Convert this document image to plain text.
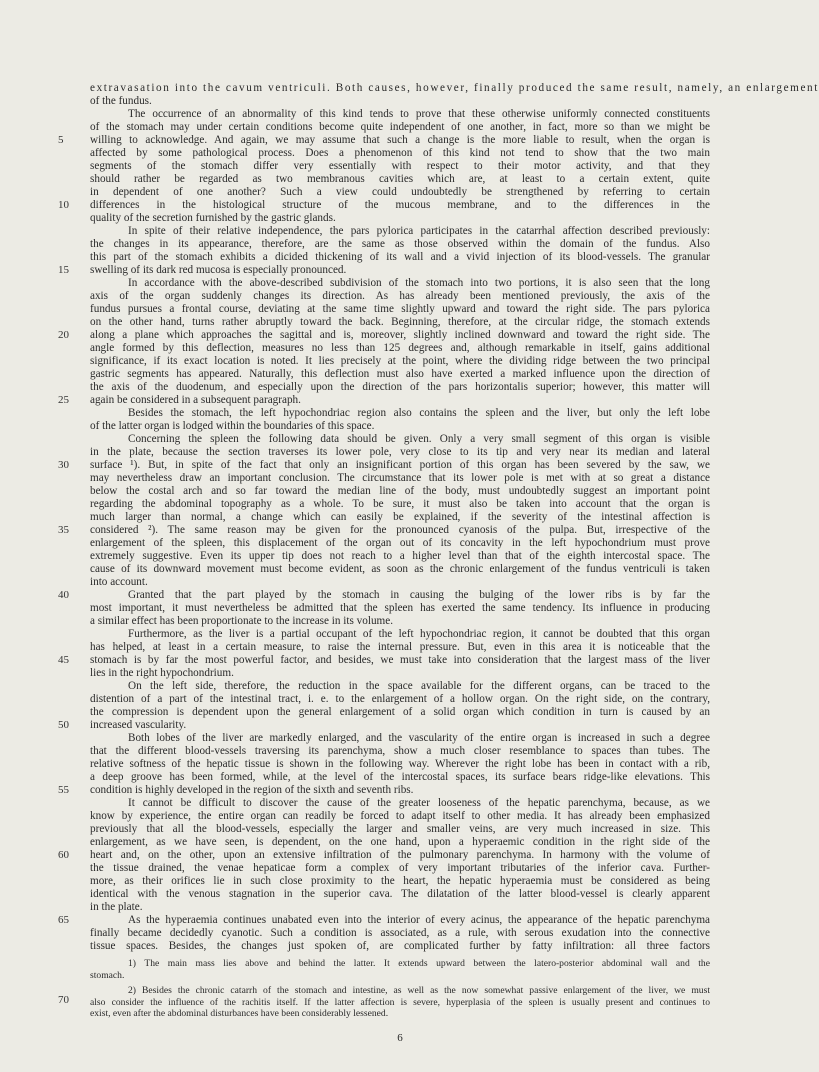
extravasation into the cavum ventriculi. Both causes, however, finally produced the same result, namely, an enlargement
of the fundus.
The occurrence of an abnormality of this kind tends to prove that these otherwise uniformly connected constituents
of the stomach may under certain conditions become quite independent of one another, in fact, more so than we might be
willing to acknowledge. And again, we may assume that such a change is the more liable to result, when the organ is
affected by some pathological process. Does a phenomenon of this kind not tend to show that the two main
segments of the stomach differ very essentially with respect to their motor activity, and that they
should rather be regarded as two membranous cavities which are, at least to a certain extent, quite
in dependent of one another? Such a view could undoubtedly be strengthened by referring to certain
differences in the histological structure of the mucous membrane, and to the differences in the
quality of the secretion furnished by the gastric glands.
In spite of their relative independence, the pars pylorica participates in the catarrhal affection described previously:
the changes in its appearance, therefore, are the same as those observed within the domain of the fundus. Also
this part of the stomach exhibits a dicided thickening of its wall and a vivid injection of its blood-vessels. The granular
swelling of its dark red mucosa is especially pronounced.
In accordance with the above-described subdivision of the stomach into two portions, it is also seen that the long
axis of the organ suddenly changes its direction. As has already been mentioned previously, the axis of the
fundus pursues a frontal course, deviating at the same time slightly upward and toward the right side. The pars pylorica
on the other hand, turns rather abruptly toward the back. Beginning, therefore, at the circular ridge, the stomach extends
along a plane which approaches the sagittal and is, moreover, slightly inclined downward and toward the right side. The
angle formed by this deflection, measures no less than 125 degrees and, although remarkable in itself, gains additional
significance, if its exact location is noted. It lies precisely at the point, where the dividing ridge between the two principal
gastric segments has appeared. Naturally, this deflection must also have exerted a marked influence upon the direction of
the axis of the duodenum, and especially upon the direction of the pars horizontalis superior; however, this matter will
again be considered in a subsequent paragraph.
Besides the stomach, the left hypochondriac region also contains the spleen and the liver, but only the left lobe
of the latter organ is lodged within the boundaries of this space.
Concerning the spleen the following data should be given. Only a very small segment of this organ is visible
in the plate, because the section traverses its lower pole, very close to its tip and very near its median and lateral
surface ¹). But, in spite of the fact that only an insignificant portion of this organ has been severed by the saw, we
may nevertheless draw an important conclusion. The circumstance that its lower pole is met with at so great a distance
below the costal arch and so far toward the median line of the body, must undoubtedly suggest an important point
regarding the abdominal topography as a whole. To be sure, it must also be taken into account that the organ is
much larger than normal, a change which can easily be explained, if the severity of the intestinal affection is
considered ²). The same reason may be given for the pronounced cyanosis of the pulpa. But, irrespective of the
enlargement of the spleen, this displacement of the organ out of its concavity in the left hypochondrium must prove
extremely suggestive. Even its upper tip does not reach to a higher level than that of the eighth intercostal space. The
cause of its downward movement must become evident, as soon as the chronic enlargement of the fundus ventriculi is taken
into account.
Granted that the part played by the stomach in causing the bulging of the lower ribs is by far the
most important, it must nevertheless be admitted that the spleen has exerted the same tendency. Its influence in producing
a similar effect has been proportionate to the increase in its volume.
Furthermore, as the liver is a partial occupant of the left hypochondriac region, it cannot be doubted that this organ
has helped, at least in a certain measure, to raise the internal pressure. But, even in this area it is noticeable that the
stomach is by far the most powerful factor, and besides, we must take into consideration that the largest mass of the liver
lies in the right hypochondrium.
On the left side, therefore, the reduction in the space available for the different organs, can be traced to the
distention of a part of the intestinal tract, i. e. to the enlargement of a hollow organ. On the right side, on the contrary,
the compression is dependent upon the general enlargement of a solid organ which condition in turn is caused by an
increased vascularity.
Both lobes of the liver are markedly enlarged, and the vascularity of the entire organ is increased in such a degree
that the different blood-vessels traversing its parenchyma, show a much closer resemblance to spaces than tubes. The
relative softness of the hepatic tissue is shown in the following way. Wherever the right lobe has been in contact with a rib,
a deep groove has been formed, while, at the level of the intercostal spaces, its surface bears ridge-like elevations. This
condition is highly developed in the region of the sixth and seventh ribs.
It cannot be difficult to discover the cause of the greater looseness of the hepatic parenchyma, because, as we
know by experience, the entire organ can readily be forced to adapt itself to other media. It has already been emphasized
previously that all the blood-vessels, especially the larger and smaller veins, are very much increased in size. This
enlargement, as we have seen, is dependent, on the one hand, upon a hyperaemic condition in the right side of the
heart and, on the other, upon an extensive infiltration of the pulmonary parenchyma. In harmony with the volume of
the tissue drained, the venae hepaticae form a complex of very important tributaries of the inferior cava. Further-
more, as their orifices lie in such close proximity to the heart, the hepatic hyperaemia must be considered as being
identical with the venous stagnation in the superior cava. The dilatation of the latter blood-vessel is clearly apparent
in the plate.
As the hyperaemia continues unabated even into the interior of every acinus, the appearance of the hepatic parenchyma
finally became decidedly cyanotic. Such a condition is associated, as a rule, with serous exudation into the connective
tissue spaces. Besides, the changes just spoken of, are complicated further by fatty infiltration: all three factors
5
10
15
20
25
30
35
40
45
50
55
60
65
70
1) The main mass lies above and behind the latter. It extends upward between the latero-posterior abdominal wall and the
stomach.
2) Besides the chronic catarrh of the stomach and intestine, as well as the now somewhat passive enlargement of the liver, we must
also consider the influence of the rachitis itself. If the latter affection is severe, hyperplasia of the spleen is usually present and continues to
exist, even after the abdominal disturbances have been considerably lessened.
6
